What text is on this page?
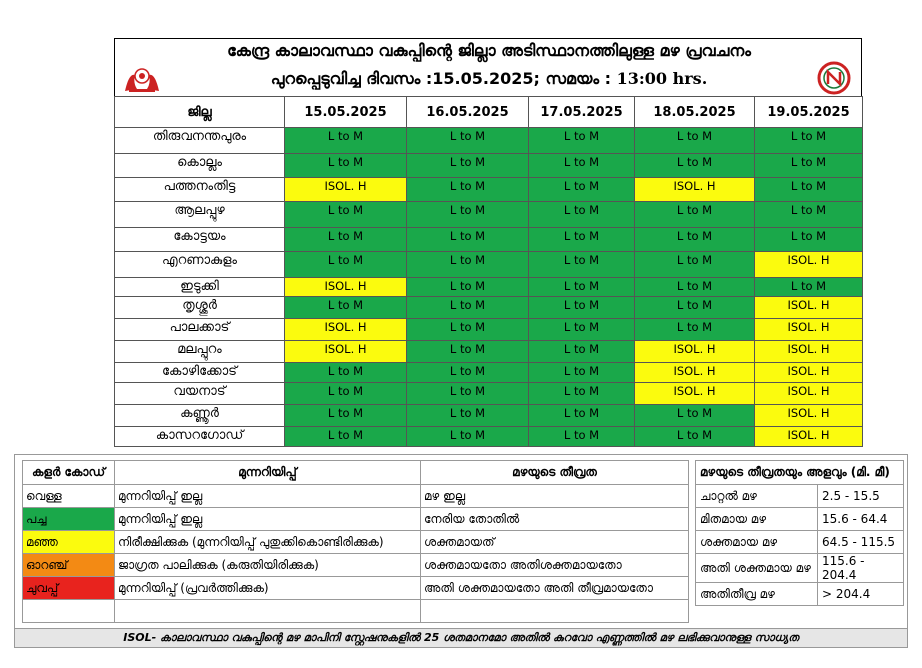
കേന്ദ്ര കാലാവസ്ഥാ വകുപ്പിന്റെ ജില്ലാ അടിസ്ഥാനത്തിലുള്ള മഴ പ്രവചനം
പുറപ്പെടുവിച്ച ദിവസം :15.05.2025; സമയം : 13:00 hrs.
ജില്ല	15.05.2025	16.05.2025	17.05.2025	18.05.2025	19.05.2025
തിരുവനന്തപുരം	L to M	L to M	L to M	L to M	L to M
കൊല്ലം	L to M	L to M	L to M	L to M	L to M
പത്തനംതിട്ട	ISOL. H	L to M	L to M	ISOL. H	L to M
ആലപ്പുഴ	L to M	L to M	L to M	L to M	L to M
കോട്ടയം	L to M	L to M	L to M	L to M	L to M
എറണാകുളം	L to M	L to M	L to M	L to M	ISOL. H
ഇടുക്കി	ISOL. H	L to M	L to M	L to M	L to M
തൃശ്ശൂർ	L to M	L to M	L to M	L to M	ISOL. H
പാലക്കാട്	ISOL. H	L to M	L to M	L to M	ISOL. H
മലപ്പുറം	ISOL. H	L to M	L to M	ISOL. H	ISOL. H
കോഴിക്കോട്	L to M	L to M	L to M	ISOL. H	ISOL. H
വയനാട്	L to M	L to M	L to M	ISOL. H	ISOL. H
കണ്ണൂർ	L to M	L to M	L to M	L to M	ISOL. H
കാസറഗോഡ്	L to M	L to M	L to M	L to M	ISOL. H
കളർ കോഡ്	മുന്നറിയിപ്പ്	മഴയുടെ തീവ്രത
വെള്ള	മുന്നറിയിപ്പ് ഇല്ല	മഴ ഇല്ല
പച്ച	മുന്നറിയിപ്പ് ഇല്ല	നേരിയ തോതിൽ
മഞ്ഞ	നിരീക്ഷിക്കുക (മുന്നറിയിപ്പ് പുതുക്കികൊണ്ടിരിക്കുക)	ശക്തമായത്
ഓറഞ്ച്	ജാഗ്രത പാലിക്കുക (കരുതിയിരിക്കുക)	ശക്തമായതോ അതിശക്തമായതോ
ചുവപ്പ്	മുന്നറിയിപ്പ് (പ്രവർത്തിക്കുക)	അതി ശക്തമായതോ അതി തീവ്രമായതോ

മഴയുടെ തീവ്രതയും അളവും (മി. മീ)	
ചാറ്റൽ മഴ	2.5 - 15.5
മിതമായ മഴ	15.6 - 64.4
ശക്തമായ മഴ	64.5 - 115.5
അതി ശക്തമായ മഴ	115.6 - 204.4
അതിതീവ്ര മഴ	> 204.4
ISOL- കാലാവസ്ഥാ വകുപ്പിന്റെ മഴ മാപിനി സ്റ്റേഷനുകളിൽ 25 ശതമാനമോ അതിൽ കുറവോ എണ്ണത്തിൽ മഴ ലഭിക്കുവാനുള്ള സാധ്യത
